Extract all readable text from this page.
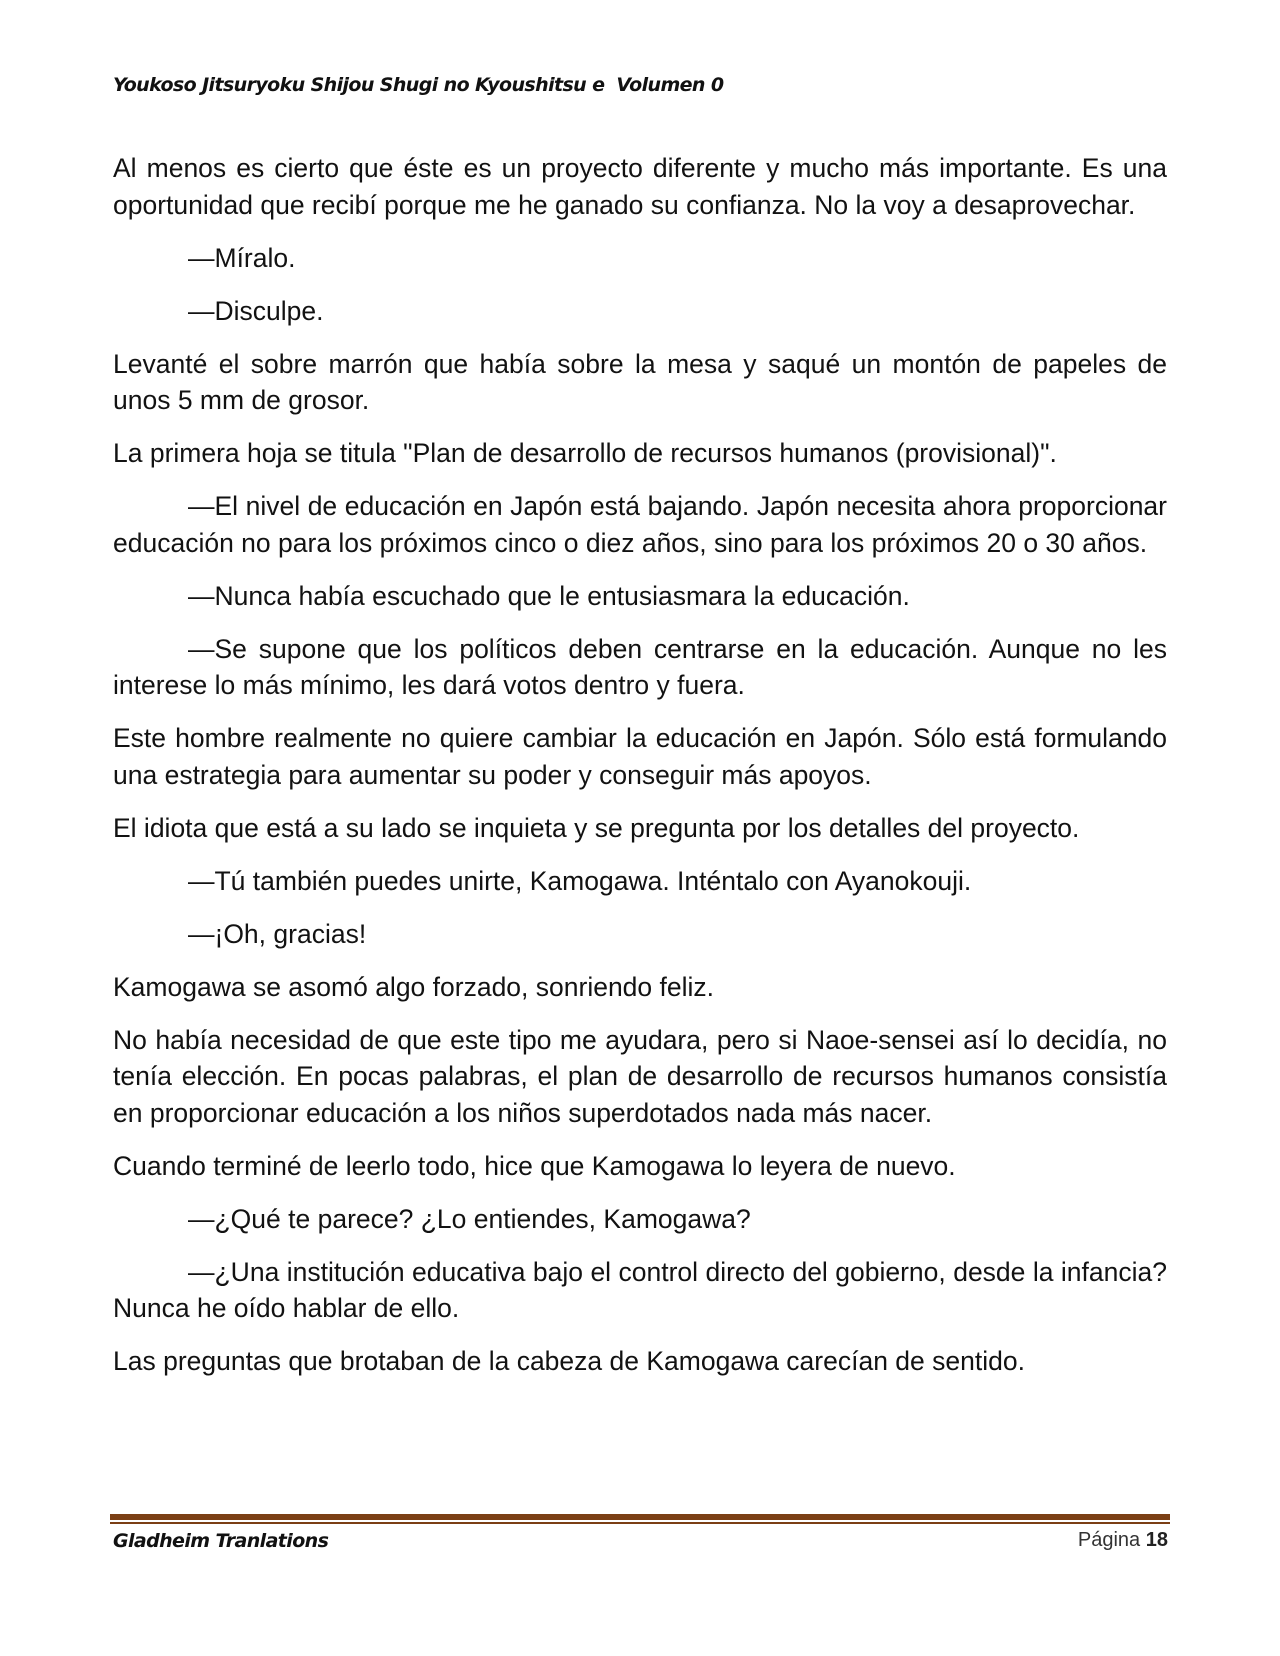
Youkoso Jitsuryoku Shijou Shugi no Kyoushitsu e  Volumen 0

Al menos es cierto que éste es un proyecto diferente y mucho más importante. Es una oportunidad que recibí porque me he ganado su confianza. No la voy a desaprovechar.

—Míralo.

—Disculpe.

Levanté el sobre marrón que había sobre la mesa y saqué un montón de papeles de unos 5 mm de grosor.

La primera hoja se titula "Plan de desarrollo de recursos humanos (provisional)".

—El nivel de educación en Japón está bajando. Japón necesita ahora proporcionar educación no para los próximos cinco o diez años, sino para los próximos 20 o 30 años.

—Nunca había escuchado que le entusiasmara la educación.

—Se supone que los políticos deben centrarse en la educación. Aunque no les interese lo más mínimo, les dará votos dentro y fuera.

Este hombre realmente no quiere cambiar la educación en Japón. Sólo está formulando una estrategia para aumentar su poder y conseguir más apoyos.

El idiota que está a su lado se inquieta y se pregunta por los detalles del proyecto.

—Tú también puedes unirte, Kamogawa. Inténtalo con Ayanokouji.

—¡Oh, gracias!

Kamogawa se asomó algo forzado, sonriendo feliz.

No había necesidad de que este tipo me ayudara, pero si Naoe-sensei así lo decidía, no tenía elección. En pocas palabras, el plan de desarrollo de recursos humanos consistía en proporcionar educación a los niños superdotados nada más nacer.

Cuando terminé de leerlo todo, hice que Kamogawa lo leyera de nuevo.

—¿Qué te parece? ¿Lo entiendes, Kamogawa?

—¿Una institución educativa bajo el control directo del gobierno, desde la infancia? Nunca he oído hablar de ello.

Las preguntas que brotaban de la cabeza de Kamogawa carecían de sentido.

Gladheim Tranlations	Página 18
